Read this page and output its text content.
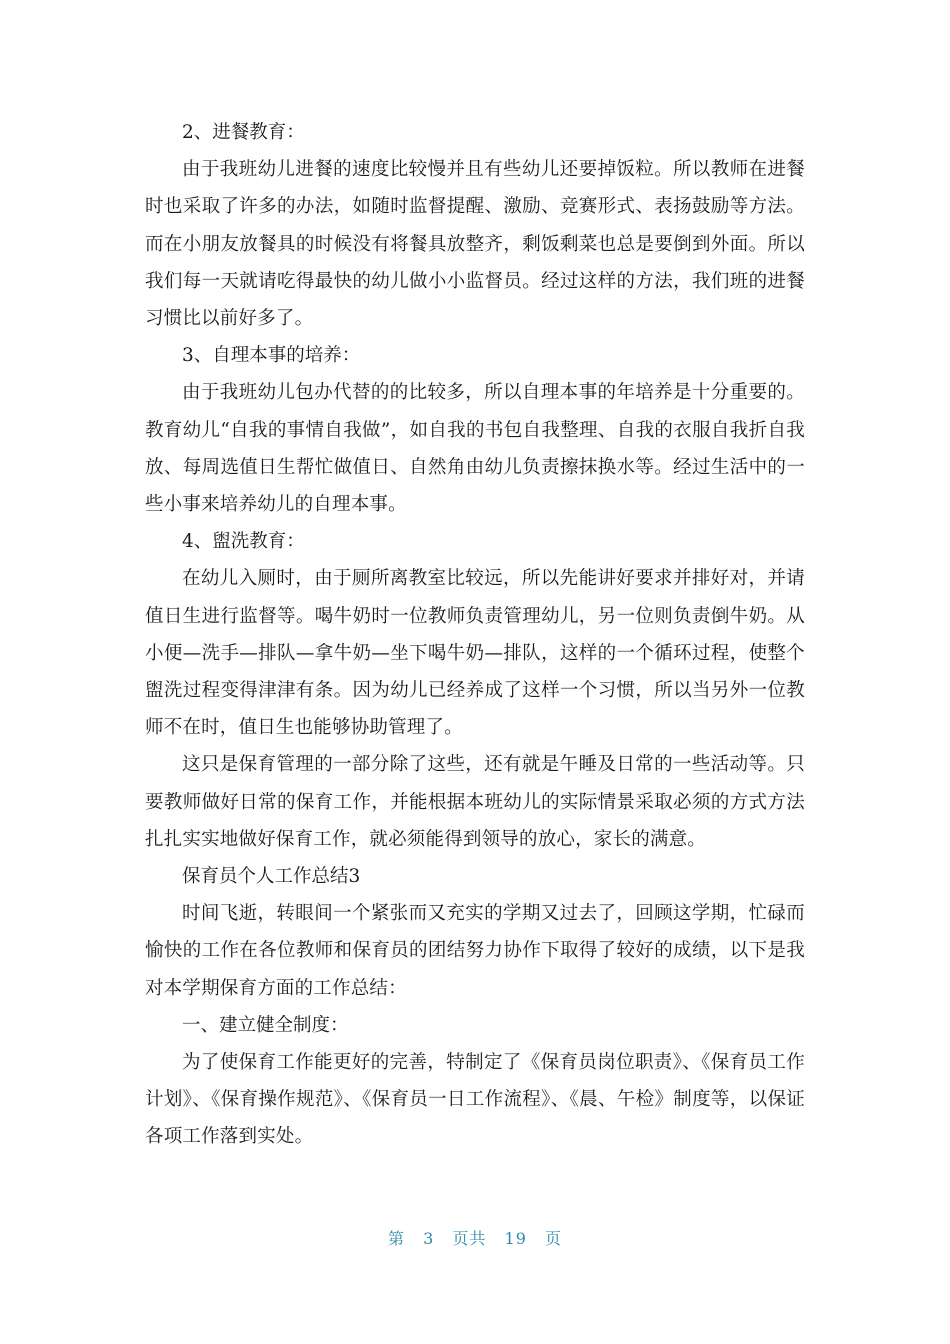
2、进餐教育：

由于我班幼儿进餐的速度比较慢并且有些幼儿还要掉饭粒。所以教师在进餐时也采取了许多的办法，如随时监督提醒、激励、竞赛形式、表扬鼓励等方法。而在小朋友放餐具的时候没有将餐具放整齐，剩饭剩菜也总是要倒到外面。所以我们每一天就请吃得最快的幼儿做小小监督员。经过这样的方法，我们班的进餐习惯比以前好多了。

3、自理本事的培养：

由于我班幼儿包办代替的的比较多，所以自理本事的年培养是十分重要的。教育幼儿“自我的事情自我做”，如自我的书包自我整理、自我的衣服自我折自我放、每周选值日生帮忙做值日、自然角由幼儿负责擦抹换水等。经过生活中的一些小事来培养幼儿的自理本事。

4、盥洗教育：

在幼儿入厕时，由于厕所离教室比较远，所以先能讲好要求并排好对，并请值日生进行监督等。喝牛奶时一位教师负责管理幼儿，另一位则负责倒牛奶。从小便—洗手—排队—拿牛奶—坐下喝牛奶—排队，这样的一个循环过程，使整个盥洗过程变得津津有条。因为幼儿已经养成了这样一个习惯，所以当另外一位教师不在时，值日生也能够协助管理了。

这只是保育管理的一部分除了这些，还有就是午睡及日常的一些活动等。只要教师做好日常的保育工作，并能根据本班幼儿的实际情景采取必须的方式方法扎扎实实地做好保育工作，就必须能得到领导的放心，家长的满意。

保育员个人工作总结3

时间飞逝，转眼间一个紧张而又充实的学期又过去了，回顾这学期，忙碌而愉快的工作在各位教师和保育员的团结努力协作下取得了较好的成绩，以下是我对本学期保育方面的工作总结：

一、建立健全制度：

为了使保育工作能更好的完善，特制定了《保育员岗位职责》、《保育员工作计划》、《保育操作规范》、《保育员一日工作流程》、《晨、午检》制度等，以保证各项工作落到实处。

第 3 页共 19 页
